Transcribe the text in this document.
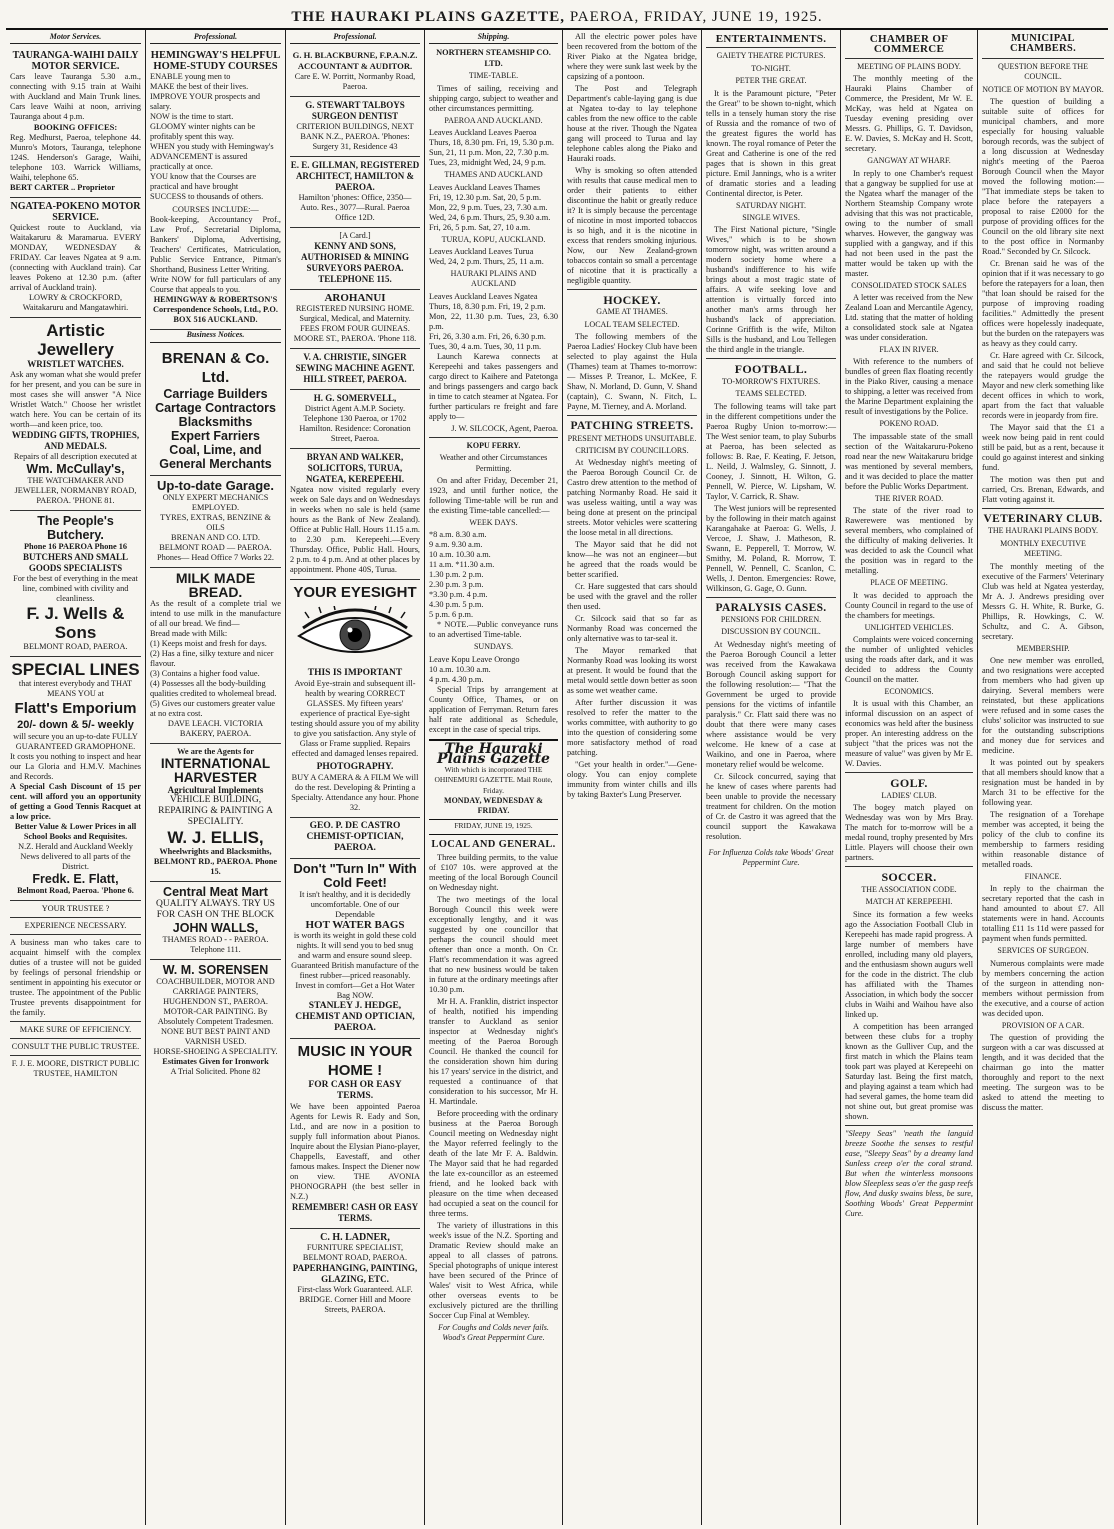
THE HAURAKI PLAINS GAZETTE,
PAEROA,
FRIDAY, JUNE 19, 1925.
Motor Services.
TAURANGA-WAIHI DAILY MOTOR SERVICE.
Cars leave Tauranga 5.30 a.m., connecting with 9.15 train at Waihi with Auckland and Main Trunk lines. Cars leave Waihi at noon, arriving Tauranga about 4 p.m.
BOOKING OFFICES:
Reg. Medhurst, Paeroa, telephone 44. Munro's Motors, Tauranga, telephone 124S. Henderson's Garage, Waihi, telephone 103. Warrick Williams, Waihi, telephone 65.
BERT CARTER .. Proprietor
NGATEA-POKENO MOTOR SERVICE.
Quickest route to Auckland, via Waitakaruru & Maramarua. EVERY MONDAY, WEDNESDAY & FRIDAY. Car leaves Ngatea at 9 a.m. (connecting with Auckland train). Car leaves Pokeno at 12.30 p.m. (after arrival of Auckland train).
LOWRY & CROCKFORD, Waitakaruru and Mangatawhiri.
Artistic Jewellery
WRISTLET WATCHES.
Ask any woman what she would prefer for her present, and you can be sure in most cases she will answer "A Nice Wristlet Watch." Choose her wristlet watch here. You can be certain of its worth—and keen price, too.
WEDDING GIFTS, TROPHIES, AND MEDALS.
Repairs of all description executed at
Wm. McCullay's,
THE WATCHMAKER AND JEWELLER, NORMANBY ROAD, PAEROA. 'PHONE 81.
The People's Butchery.
Phone 16 PAEROA Phone 16
BUTCHERS AND SMALL GOODS SPECIALISTS
For the best of everything in the meat line, combined with civility and cleanliness.
F. J. Wells & Sons
BELMONT ROAD, PAEROA.
SPECIAL LINES
that interest everybody and THAT MEANS YOU at
Flatt's Emporium
20/- down & 5/- weekly
will secure you an up-to-date FULLY GUARANTEED GRAMOPHONE.
It costs you nothing to inspect and hear our La Gloria and H.M.V. Machines and Records.
A Special Cash Discount of 15 per cent. will afford you an opportunity of getting a Good Tennis Racquet at a low price.
Better Value & Lower Prices in all School Books and Requisites.
N.Z. Herald and Auckland Weekly News delivered to all parts of the District.
Fredk. E. Flatt,
Belmont Road, Paeroa. 'Phone 6.
YOUR TRUSTEE ?
EXPERIENCE NECESSARY.
A business man who takes care to acquaint himself with the complex duties of a trustee will not be guided by feelings of personal friendship or sentiment in appointing his executor or trustee. The appointment of the Public Trustee prevents disappointment for the family.
MAKE SURE OF EFFICIENCY.
CONSULT THE PUBLIC TRUSTEE.
F. J. E. MOORE, DISTRICT PUBLIC TRUSTEE, HAMILTON
Professional.
HEMINGWAY'S HELPFUL HOME-STUDY COURSES
ENABLE young men to
MAKE the best of their lives.
IMPROVE YOUR prospects and salary.
NOW is the time to start.
GLOOMY winter nights can be profitably spent this way.
WHEN you study with Hemingway's
ADVANCEMENT is assured practically at once.
YOU know that the Courses are practical and have brought
SUCCESS to thousands of others.
COURSES INCLUDE:—
Book-keeping, Accountancy Prof., Law Prof., Secretarial Diploma, Bankers' Diploma, Advertising, Teachers' Certificates, Matriculation, Public Service Entrance, Pitman's Shorthand, Business Letter Writing.
Write NOW for full particulars of any Course that appeals to you.
HEMINGWAY & ROBERTSON'S Correspondence Schools, Ltd., P.O. BOX 516 AUCKLAND.
Business Notices.
BRENAN & Co. Ltd.
Carriage Builders
Cartage Contractors
Blacksmiths
Expert Farriers
Coal, Lime, and
General Merchants
Up-to-date Garage.
ONLY EXPERT MECHANICS EMPLOYED.
TYRES, EXTRAS, BENZINE & OILS
BRENAN AND CO. LTD. BELMONT ROAD — PAEROA.
Phones— Head Office 7 Works 22.
MILK MADE BREAD.
As the result of a complete trial we intend to use milk in the manufacture of all our bread. We find—
Bread made with Milk:
(1) Keeps moist and fresh for days.
(2) Has a fine, silky texture and nicer flavour.
(3) Contains a higher food value.
(4) Possesses all the body-building qualities credited to wholemeal bread.
(5) Gives our customers greater value at no extra cost.
DAVE LEACH. VICTORIA BAKERY, PAEROA.
We are the Agents for
INTERNATIONAL HARVESTER
Agricultural Implements
VEHICLE BUILDING, REPAIRING & PAINTING A SPECIALITY.
W. J. ELLIS,
Wheelwrights and Blacksmiths, BELMONT RD., PAEROA. Phone 15.
Central Meat Mart
QUALITY ALWAYS. TRY US FOR CASH ON THE BLOCK
JOHN WALLS,
THAMES ROAD - - PAEROA. Telephone 111.
W. M. SORENSEN
COACHBUILDER, MOTOR AND CARRIAGE PAINTERS, HUGHENDON ST., PAEROA.
MOTOR-CAR PAINTING. By Absolutely Competent Tradesmen.
NONE BUT BEST PAINT AND VARNISH USED.
HORSE-SHOEING A SPECIALITY.
Estimates Given for Ironwork
A Trial Solicited. Phone 82
Professional.
G. H. BLACKBURNE, F.P.A.N.Z. ACCOUNTANT & AUDITOR.
Care E. W. Porritt, Normanby Road, Paeroa.
G. STEWART TALBOYS SURGEON DENTIST
CRITERION BUILDINGS, NEXT BANK N.Z., PAEROA. 'Phones: Surgery 31, Residence 43
E. E. GILLMAN, REGISTERED ARCHITECT, HAMILTON & PAEROA.
Hamilton 'phones: Office, 2350—Auto. Res., 3077—Rural. Paeroa Office 12D.
[A Card.]
KENNY AND SONS, AUTHORISED & MINING SURVEYORS PAEROA. TELEPHONE 115.
AROHANUI
REGISTERED NURSING HOME. Surgical, Medical, and Maternity. FEES FROM FOUR GUINEAS. MOORE ST., PAEROA. 'Phone 118.
V. A. CHRISTIE, SINGER SEWING MACHINE AGENT. HILL STREET, PAEROA.
H. G. SOMERVELL,
District Agent A.M.P. Society. Telephone 130 Paeroa, or 1702 Hamilton. Residence: Coronation Street, Paeroa.
BRYAN AND WALKER, SOLICITORS, TURUA, NGATEA, KEREPEEHI.
Ngatea now visited regularly every week on Sale days and on Wednesdays in weeks when no sale is held (same hours as the Bank of New Zealand). Office at Public Hall. Hours 11.15 a.m. to 2.30 p.m. Kerepeehi.—Every Thursday. Office, Public Hall. Hours, 2 p.m. to 4 p.m. And at other places by appointment. Phone 40S, Turua.
YOUR EYESIGHT
THIS IS IMPORTANT
Avoid Eye-strain and subsequent ill-health by wearing CORRECT GLASSES. My fifteen years' experience of practical Eye-sight testing should assure you of my ability to give you satisfaction. Any style of Glass or Frame supplied. Repairs effected and damaged lenses repaired.
PHOTOGRAPHY.
BUY A CAMERA & A FILM We will do the rest. Developing & Printing a Specialty. Attendance any hour. Phone 32.
GEO. P. DE CASTRO CHEMIST-OPTICIAN, PAEROA.
Don't "Turn In" With Cold Feet!
It isn't healthy, and it is decidedly uncomfortable. One of our Dependable
HOT WATER BAGS
is worth its weight in gold these cold nights. It will send you to bed snug and warm and ensure sound sleep. Guaranteed British manufacture of the finest rubber—priced reasonably. Invest in comfort—Get a Hot Water Bag NOW.
STANLEY J. HEDGE, CHEMIST AND OPTICIAN, PAEROA.
MUSIC IN YOUR HOME !
FOR CASH OR EASY TERMS.
We have been appointed Paeroa Agents for Lewis R. Eady and Son, Ltd., and are now in a position to supply full information about Pianos. Inquire about the Elysian Piano-player, Chappells, Eavestaff, and other famous makes. Inspect the Diener now on view. THE AVONIA PHONOGRAPH (the best seller in N.Z.)
REMEMBER! CASH OR EASY TERMS.
C. H. LADNER,
FURNITURE SPECIALIST, BELMONT ROAD, PAEROA.
PAPERHANGING, PAINTING, GLAZING, ETC.
First-class Work Guaranteed. ALF. BRIDGE. Corner Hill and Moore Streets, PAEROA.
Shipping.
NORTHERN STEAMSHIP CO. LTD.
TIME-TABLE.
Times of sailing, receiving and shipping cargo, subject to weather and other circumstances permitting.
PAEROA AND AUCKLAND.
Leaves Auckland Leaves Paeroa
Thurs, 18, 8.30 pm. Fri, 19, 5.30 p.m.
Sun, 21, 11 p.m. Mon, 22, 7.30 p.m.
Tues, 23, midnight Wed, 24, 9 p.m.
THAMES AND AUCKLAND
Leaves Auckland Leaves Thames
Fri, 19, 12.30 p.m. Sat, 20, 5 p.m.
Mon, 22, 9 p.m. Tues, 23, 7.30 a.m.
Wed, 24, 6 p.m. Thurs, 25, 9.30 a.m.
Fri, 26, 5 p.m. Sat, 27, 10 a.m.
TURUA, KOPU, AUCKLAND.
Leaves Auckland Leaves Turua
Wed, 24, 2 p.m. Thurs, 25, 11 a.m.
HAURAKI PLAINS AND AUCKLAND
Leaves Auckland Leaves Ngatea
Thurs, 18, 8.30 p.m. Fri, 19, 2 p.m.
Mon, 22, 11.30 p.m. Tues, 23, 6.30 p.m.
Fri, 26, 3.30 a.m. Fri, 26, 6.30 p.m.
Tues, 30, 4 a.m. Tues, 30, 11 p.m.
Launch Karewa connects at Kerepeehi and takes passengers and cargo direct to Kaihere and Patetonga and brings passengers and cargo back in time to catch steamer at Ngatea. For further particulars re freight and fare apply to—
J. W. SILCOCK, Agent, Paeroa.
KOPU FERRY.
Weather and other Circumstances Permitting.
On and after Friday, December 21, 1923, and until further notice, the following Time-table will be run and the existing Time-table cancelled:—
WEEK DAYS.
*8 a.m. 8.30 a.m.
9 a.m. 9.30 a.m.
10 a.m. 10.30 a.m.
11 a.m. *11.30 a.m.
1.30 p.m. 2 p.m.
2.30 p.m. 3 p.m.
*3.30 p.m. 4 p.m.
4.30 p.m. 5 p.m.
5 p.m. 6 p.m.
* NOTE.—Public conveyance runs to an advertised Time-table.
SUNDAYS.
Leave Kopu Leave Orongo
10 a.m. 10.30 a.m.
4 p.m. 4.30 p.m.
Special Trips by arrangement at County Office, Thames, or on application of Ferryman. Return fares half rate additional as Schedule, except in the case of special trips.
The Hauraki Plains Gazette
With which is incorporated THE OHINEMURI GAZETTE. Mail Route, Friday.
MONDAY, WEDNESDAY & FRIDAY.
FRIDAY, JUNE 19, 1925.
LOCAL AND GENERAL.
Three building permits, to the value of £107 10s. were approved at the meeting of the local Borough Council on Wednesday night.
The two meetings of the local Borough Council this week were exceptionally lengthy, and it was suggested by one councillor that perhaps the council should meet oftener than once a month. On Cr. Flatt's recommendation it was agreed that no new business would be taken in future at the ordinary meetings after 10.30 p.m.
Mr H. A. Franklin, district inspector of health, notified his impending transfer to Auckland as senior inspector at Wednesday night's meeting of the Paeroa Borough Council. He thanked the council for the consideration shown him during his 17 years' service in the district, and requested a continuance of that consideration to his successor, Mr H. H. Martindale.
Before proceeding with the ordinary business at the Paeroa Borough Council meeting on Wednesday night the Mayor referred feelingly to the death of the late Mr F. A. Baldwin. The Mayor said that he had regarded the late ex-councillor as an esteemed friend, and he looked back with pleasure on the time when deceased had occupied a seat on the council for three terms.
The variety of illustrations in this week's issue of the N.Z. Sporting and Dramatic Review should make an appeal to all classes of patrons. Special photographs of unique interest have been secured of the Prince of Wales' visit to West Africa, while other overseas events to be exclusively pictured are the thrilling Soccer Cup Final at Wembley.
For Coughs and Colds never fails. Wood's Great Peppermint Cure.
All the electric power poles have been recovered from the bottom of the River Piako at the Ngatea bridge, where they were sunk last week by the capsizing of a pontoon.
The Post and Telegraph Department's cable-laying gang is due at Ngatea to-day to lay telephone cables from the new office to the cable house at the river. Though the Ngatea gang will proceed to Turua and lay telephone cables along the Piako and Hauraki roads.
Why is smoking so often attended with results that cause medical men to order their patients to either discontinue the habit or greatly reduce it? It is simply because the percentage of nicotine in most imported tobaccos is so high, and it is the nicotine in excess that renders smoking injurious. Now, our New Zealand-grown tobaccos contain so small a percentage of nicotine that it is practically a negligible quantity.
HOCKEY.
GAME AT THAMES.
LOCAL TEAM SELECTED.
The following members of the Paeroa Ladies' Hockey Club have been selected to play against the Hula (Thames) team at Thames to-morrow:— Misses P. Treanor, L. McKee, F. Shaw, N. Morland, D. Gunn, V. Shand (captain), C. Swann, N. Fitch, L. Payne, M. Tierney, and A. Morland.
PATCHING STREETS.
PRESENT METHODS UNSUITABLE.
CRITICISM BY COUNCILLORS.
At Wednesday night's meeting of the Paeroa Borough Council Cr. de Castro drew attention to the method of patching Normanby Road. He said it was useless waiting, until a way was being done at present on the principal streets. Motor vehicles were scattering the loose metal in all directions.
The Mayor said that he did not know—he was not an engineer—but he agreed that the roads would be better scarified.
Cr. Hare suggested that cars should be used with the gravel and the roller then used.
Cr. Silcock said that so far as Normanby Road was concerned the only alternative was to tar-seal it.
The Mayor remarked that Normanby Road was looking its worst at present. It would be found that the metal would settle down better as soon as some wet weather came.
After further discussion it was resolved to refer the matter to the works committee, with authority to go into the question of considering some more satisfactory method of road patching.
"Get your health in order."—Gene-ology. You can enjoy complete immunity from winter chills and ills by taking Baxter's Lung Preserver.
ENTERTAINMENTS.
GAIETY THEATRE PICTURES.
TO-NIGHT.
PETER THE GREAT.
It is the Paramount picture, "Peter the Great" to be shown to-night, which tells in a tensely human story the rise of Russia and the romance of two of the greatest figures the world has known. The royal romance of Peter the Great and Catherine is one of the red pages that is shown in this great picture. Emil Jannings, who is a writer of dramatic stories and a leading Continental director, is Peter.
SATURDAY NIGHT.
SINGLE WIVES.
The First National picture, "Single Wives," which is to be shown tomorrow night, was written around a modern society home where a husband's indifference to his wife brings about a most tragic state of affairs. A wife seeking love and attention is virtually forced into another man's arms through her husband's lack of appreciation. Corinne Griffith is the wife, Milton Sills is the husband, and Lou Tellegen the third angle in the triangle.
FOOTBALL.
TO-MORROW'S FIXTURES.
TEAMS SELECTED.
The following teams will take part in the different competitions under the Paeroa Rugby Union to-morrow:— The West senior team, to play Suburbs at Paeroa, has been selected as follows: B. Rae, F. Keating, F. Jetson, L. Neild, J. Walmsley, G. Sinnott, J. Cooney, J. Sinnott, H. Wilton, G. Pennell, W. Pierce, W. Lipsham, W. Taylor, V. Carrick, R. Shaw.
The West juniors will be represented by the following in their match against Karangahake at Paeroa: G. Wells, J. Vercoe, J. Shaw, J. Matheson, R. Swann, E. Pepperell, T. Morrow, W. Smithy, M. Poland, R. Morrow, T. Pennell, W. Pennell, C. Scanlon, C. Wells, J. Denton. Emergencies: Rowe, Wilkinson, G. Gage, O. Gunn.
PARALYSIS CASES.
PENSIONS FOR CHILDREN.
DISCUSSION BY COUNCIL.
At Wednesday night's meeting of the Paeroa Borough Council a letter was received from the Kawakawa Borough Council asking support for the following resolution:— "That the Government be urged to provide pensions for the victims of infantile paralysis." Cr. Flatt said there was no doubt that there were many cases where assistance would be very welcome. He knew of a case at Waikino, and one in Paeroa, where monetary relief would be welcome.
Cr. Silcock concurred, saying that he knew of cases where parents had been unable to provide the necessary treatment for children. On the motion of Cr. de Castro it was agreed that the council support the Kawakawa resolution.
For Influenza Colds take Woods' Great Peppermint Cure.
CHAMBER OF COMMERCE
MEETING OF PLAINS BODY.
The monthly meeting of the Hauraki Plains Chamber of Commerce, the President, Mr W. E. McKay, was held at Ngatea on Tuesday evening presiding over Messrs. G. Phillips, G. T. Davidson, E. W. Davies, S. McKay and H. Scott, secretary.
GANGWAY AT WHARF.
In reply to one Chamber's request that a gangway be supplied for use at the Ngatea wharf the manager of the Northern Steamship Company wrote advising that this was not practicable, owing to the number of small wharves. However, the gangway was supplied with a gangway, and if this had not been used in the past the matter would be taken up with the master.
CONSOLIDATED STOCK SALES
A letter was received from the New Zealand Loan and Mercantile Agency, Ltd. stating that the matter of holding a consolidated stock sale at Ngatea was under consideration.
FLAX IN RIVER.
With reference to the numbers of bundles of green flax floating recently in the Piako River, causing a menace to shipping, a letter was received from the Marine Department explaining the result of investigations by the Police.
POKENO ROAD.
The impassable state of the small section of the Waitakaruru-Pokeno road near the new Waitakaruru bridge was mentioned by several members, and it was decided to place the matter before the Public Works Department.
THE RIVER ROAD.
The state of the river road to Rawerewere was mentioned by several members, who complained of the difficulty of making deliveries. It was decided to ask the Council what the position was in regard to the metalling.
PLACE OF MEETING.
It was decided to approach the County Council in regard to the use of the chambers for meetings.
UNLIGHTED VEHICLES.
Complaints were voiced concerning the number of unlighted vehicles using the roads after dark, and it was decided to address the County Council on the matter.
ECONOMICS.
It is usual with this Chamber, an informal discussion on an aspect of economics was held after the business proper. An interesting address on the subject "that the prices was not the measure of value" was given by Mr E. W. Davies.
GOLF.
LADIES' CLUB.
The bogey match played on Wednesday was won by Mrs Bray. The match for to-morrow will be a medal round, trophy presented by Mrs Little. Players will choose their own partners.
SOCCER.
THE ASSOCIATION CODE.
MATCH AT KEREPEEHI.
Since its formation a few weeks ago the Association Football Club in Kerepeehi has made rapid progress. A large number of members have enrolled, including many old players, and the enthusiasm shown augurs well for the code in the district. The club has affiliated with the Thames Association, in which body the soccer clubs in Waihi and Waihou have also linked up.
A competition has been arranged between these clubs for a trophy known as the Gulliver Cup, and the first match in which the Plains team took part was played at Kerepeehi on Saturday last. Being the first match, and playing against a team which had had several games, the home team did not shine out, but great promise was shown.
"Sleepy Seas" 'neath the languid breeze Soothe the senses to restful ease, "Sleepy Seas" by a dreamy land Sunless creep o'er the coral strand. But when the winterless monsoons blow Sleepless seas o'er the gasp reefs flow, And dusky swains bless, be sure, Soothing Woods' Great Peppermint Cure.
MUNICIPAL CHAMBERS.
QUESTION BEFORE THE COUNCIL.
NOTICE OF MOTION BY MAYOR.
The question of building a suitable suite of offices for municipal chambers, and more especially for housing valuable borough records, was the subject of a long discussion at Wednesday night's meeting of the Paeroa Borough Council when the Mayor moved the following motion:— "That immediate steps be taken to place before the ratepayers a proposal to raise £2000 for the purpose of providing offices for the Council on the old library site next to the post office in Normanby Road." Seconded by Cr. Silcock.
Cr. Brenan said he was of the opinion that if it was necessary to go before the ratepayers for a loan, then "that loan should be raised for the purpose of improving roading facilities." Admittedly the present offices were hopelessly inadequate, but the burden on the ratepayers was as heavy as they could carry.
Cr. Hare agreed with Cr. Silcock, and said that he could not believe the ratepayers would grudge the Mayor and new clerk something like decent offices in which to work, apart from the fact that valuable records were in jeopardy from fire.
The Mayor said that the £1 a week now being paid in rent could still be paid, but as a rent, because it could go against interest and sinking fund.
The motion was then put and carried, Crs. Brenan, Edwards, and Flatt voting against it.
VETERINARY CLUB.
THE HAURAKI PLAINS BODY.
MONTHLY EXECUTIVE MEETING.
The monthly meeting of the executive of the Farmers' Veterinary Club was held at Ngatea yesterday, Mr A. J. Andrews presiding over Messrs G. H. White, R. Burke, G. Phillips, R. Howkings, C. W. Schultz, and C. A. Gibson, secretary.
MEMBERSHIP.
One new member was enrolled, and two resignations were accepted from members who had given up dairying. Several members were reinstated, but these applications were refused and in some cases the clubs' solicitor was instructed to sue for the outstanding subscriptions and money due for services and medicine.
It was pointed out by speakers that all members should know that a resignation must be handed in by March 31 to be effective for the following year.
The resignation of a Torehape member was accepted, it being the policy of the club to confine its membership to farmers residing within reasonable distance of metalled roads.
FINANCE.
In reply to the chairman the secretary reported that the cash in hand amounted to about £7. All statements were in hand. Accounts totalling £11 1s 11d were passed for payment when funds permitted.
SERVICES OF SURGEON.
Numerous complaints were made by members concerning the action of the surgeon in attending non-members without permission from the executive, and a course of action was decided upon.
PROVISION OF A CAR.
The question of providing the surgeon with a car was discussed at length, and it was decided that the chairman go into the matter thoroughly and report to the next meeting. The surgeon was to be asked to attend the meeting to discuss the matter.
